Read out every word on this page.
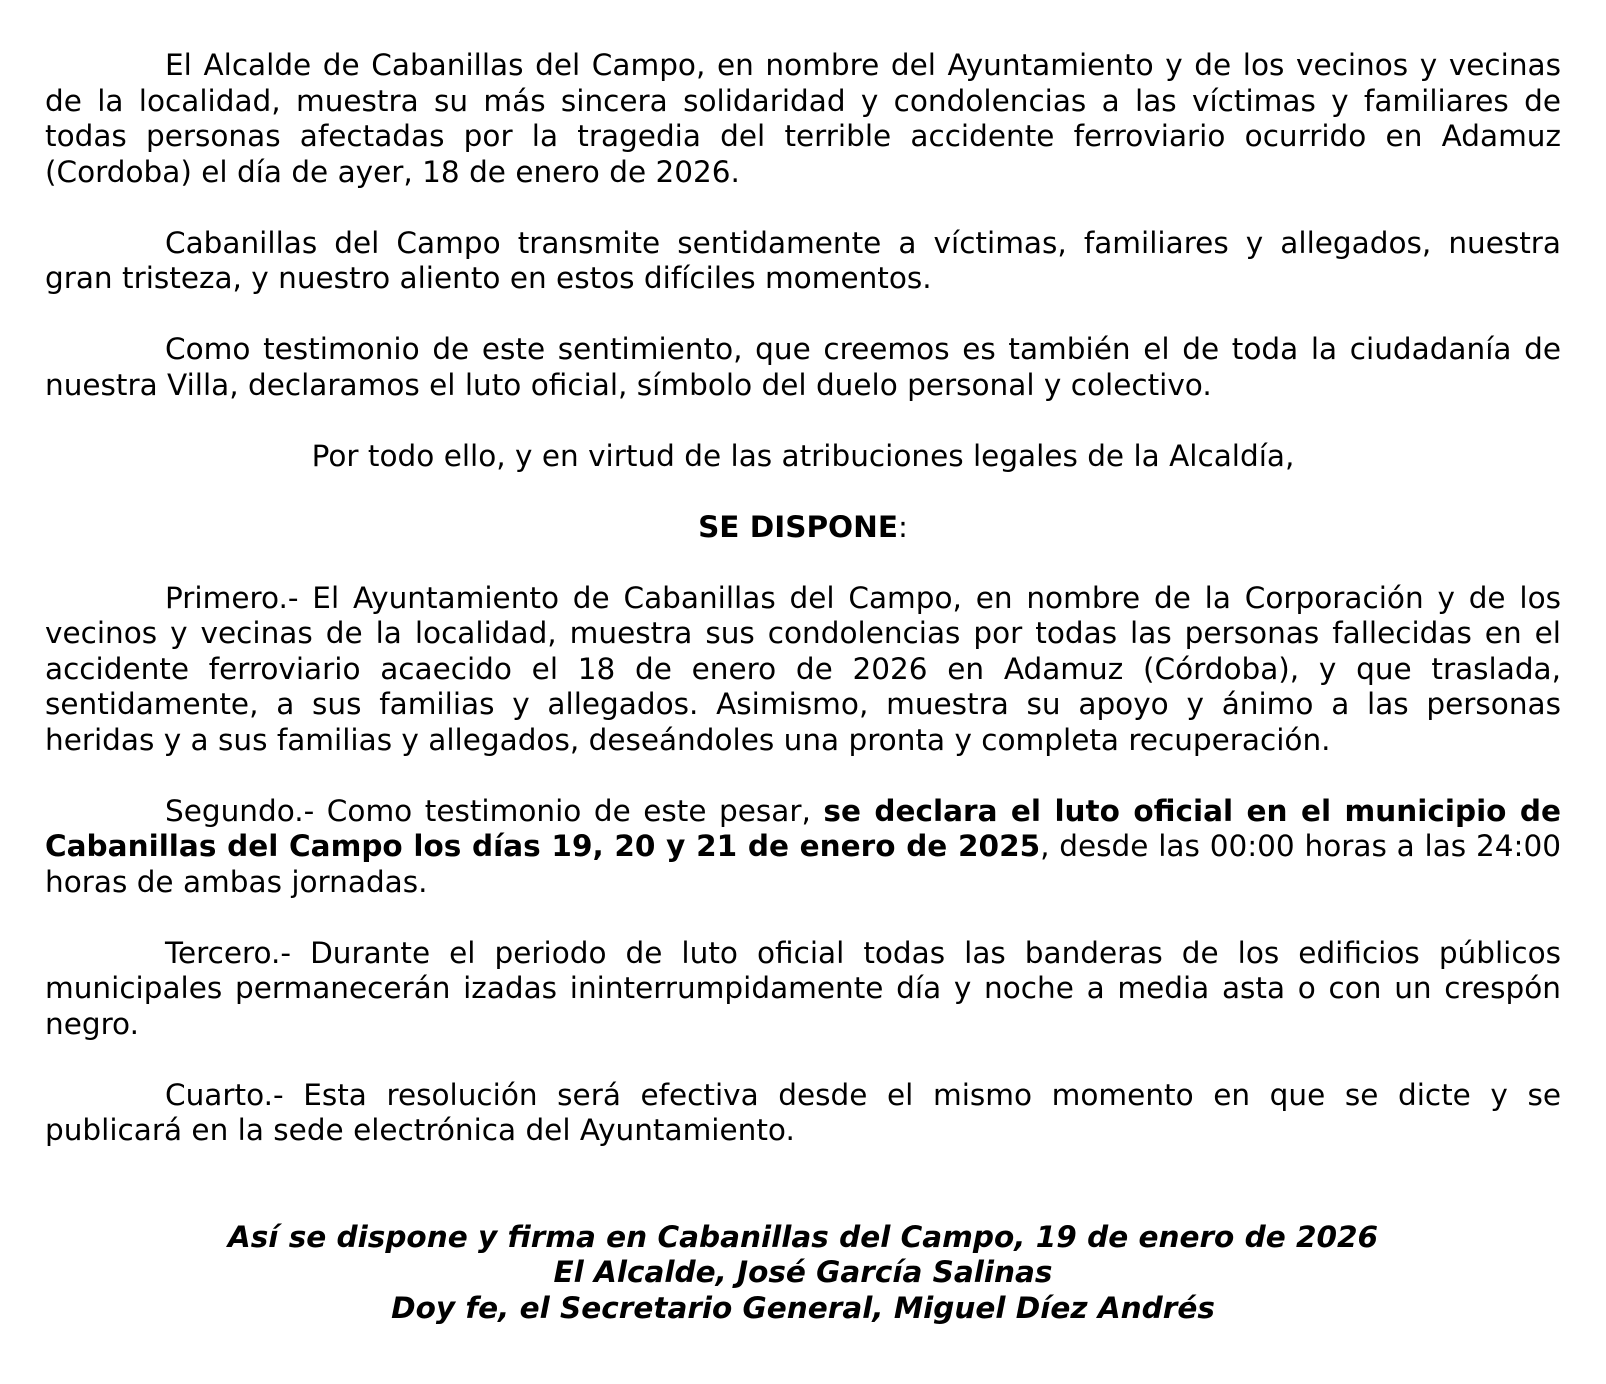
El Alcalde de Cabanillas del Campo, en nombre del Ayuntamiento y de los vecinos y vecinas de la localidad, muestra su más sincera solidaridad y condolencias a las víctimas y familiares de todas personas afectadas por la tragedia del terrible accidente ferroviario ocurrido en Adamuz (Cordoba) el día de ayer, 18 de enero de 2026.

Cabanillas del Campo transmite sentidamente a víctimas, familiares y allegados, nuestra gran tristeza, y nuestro aliento en estos difíciles momentos.

Como testimonio de este sentimiento, que creemos es también el de toda la ciudadanía de nuestra Villa, declaramos el luto oficial, símbolo del duelo personal y colectivo.

Por todo ello, y en virtud de las atribuciones legales de la Alcaldía,

SE DISPONE:

Primero.- El Ayuntamiento de Cabanillas del Campo, en nombre de la Corporación y de los vecinos y vecinas de la localidad, muestra sus condolencias por todas las personas fallecidas en el accidente ferroviario acaecido el 18 de enero de 2026 en Adamuz (Córdoba), y que traslada, sentidamente, a sus familias y allegados. Asimismo, muestra su apoyo y ánimo a las personas heridas y a sus familias y allegados, deseándoles una pronta y completa recuperación.

Segundo.- Como testimonio de este pesar, se declara el luto oficial en el municipio de Cabanillas del Campo los días 19, 20 y 21 de enero de 2025, desde las 00:00 horas a las 24:00 horas de ambas jornadas.

Tercero.- Durante el periodo de luto oficial todas las banderas de los edificios públicos municipales permanecerán izadas ininterrumpidamente día y noche a media asta o con un crespón negro.

Cuarto.- Esta resolución será efectiva desde el mismo momento en que se dicte y se publicará en la sede electrónica del Ayuntamiento.

Así se dispone y firma en Cabanillas del Campo, 19 de enero de 2026
El Alcalde, José García Salinas
Doy fe, el Secretario General, Miguel Díez Andrés
